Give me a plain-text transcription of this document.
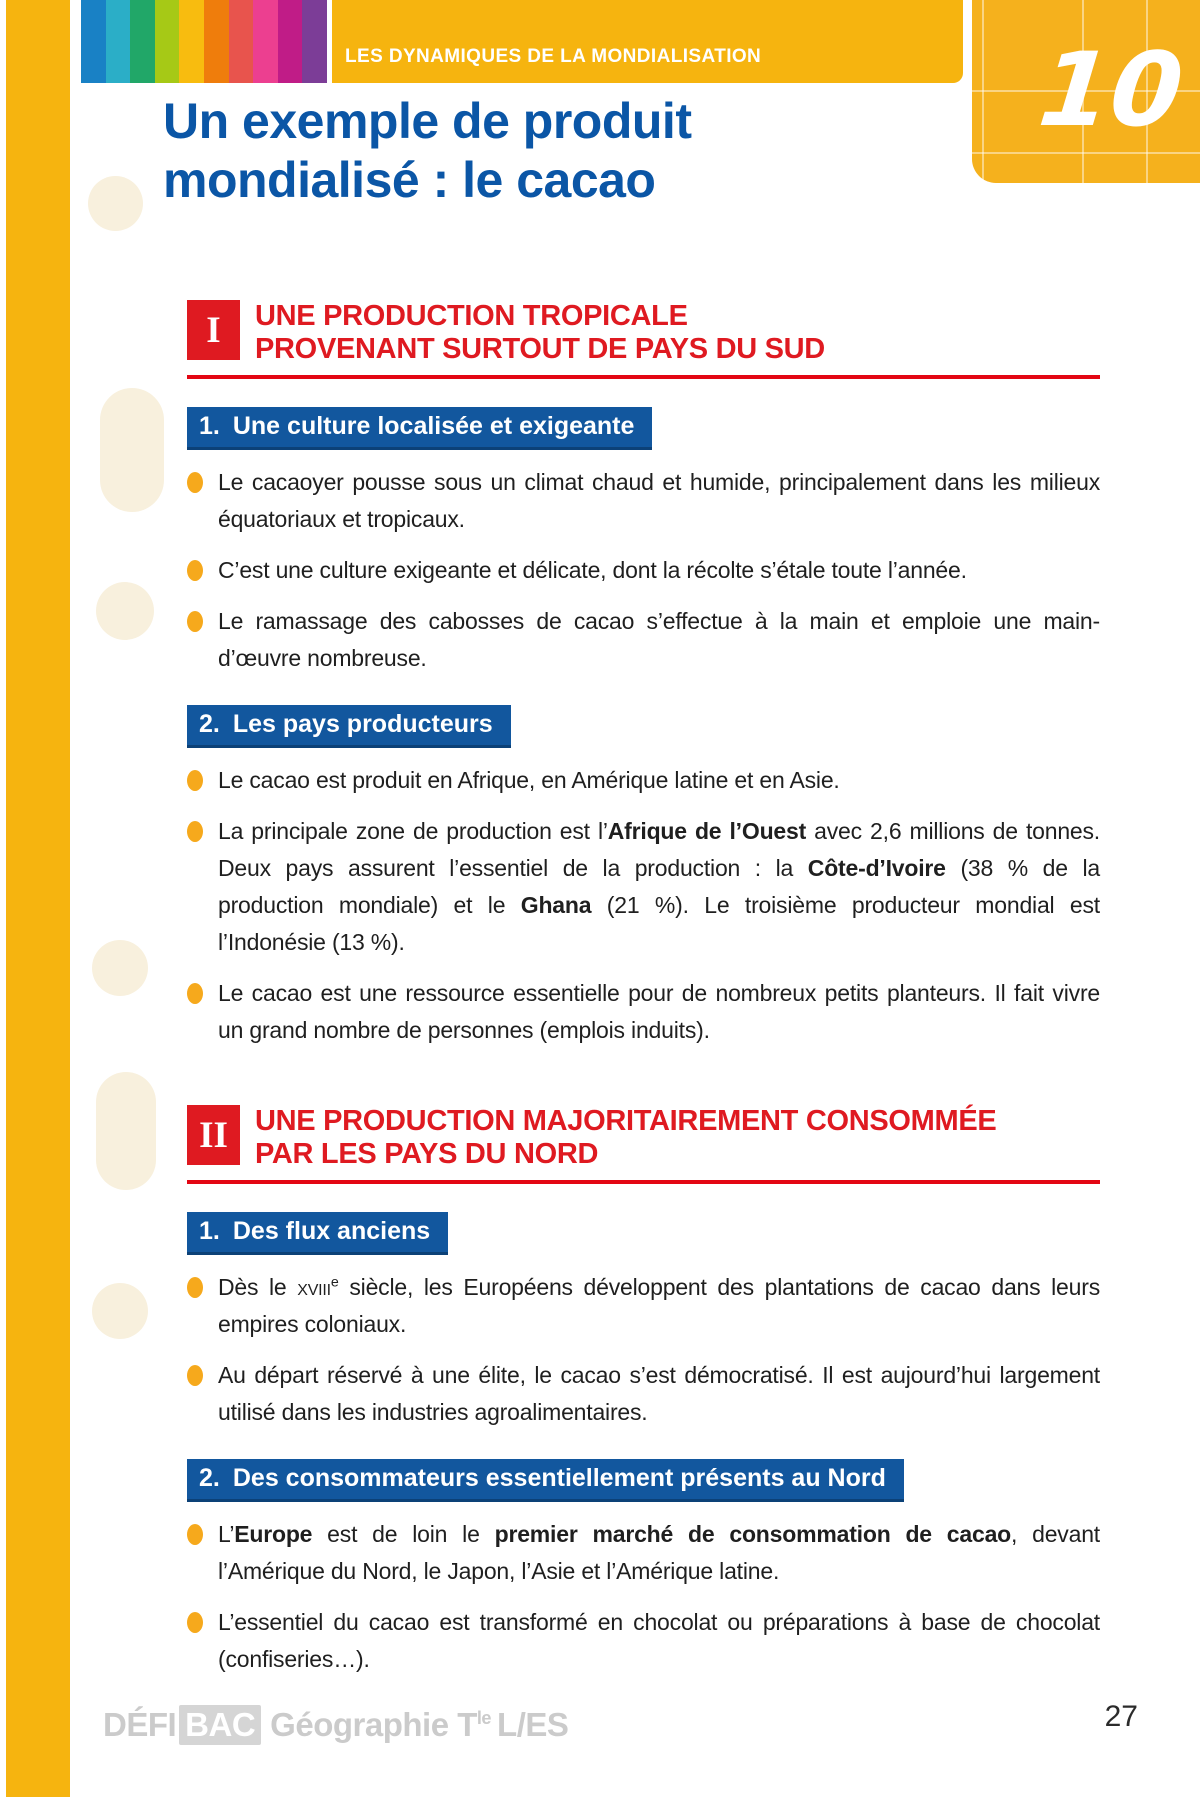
LES DYNAMIQUES DE LA MONDIALISATION	10
Un exemple de produit
mondialisé : le cacao
I	UNE PRODUCTION TROPICALE
PROVENANT SURTOUT DE PAYS DU SUD
1. Une culture localisée et exigeante

Le cacaoyer pousse sous un climat chaud et humide, principalement dans les milieux équatoriaux et tropicaux.

C’est une culture exigeante et délicate, dont la récolte s’étale toute l’année.

Le ramassage des cabosses de cacao s’effectue à la main et emploie une main-d’œuvre nombreuse.

2. Les pays producteurs

Le cacao est produit en Afrique, en Amérique latine et en Asie.

La principale zone de production est l’Afrique de l’Ouest avec 2,6 millions de tonnes. Deux pays assurent l’essentiel de la production : la Côte-d’Ivoire (38 % de la production mondiale) et le Ghana (21 %). Le troisième producteur mondial est l’Indonésie (13 %).

Le cacao est une ressource essentielle pour de nombreux petits planteurs. Il fait vivre un grand nombre de personnes (emplois induits).

II UNE PRODUCTION MAJORITAIREMENT CONSOMMÉE
PAR LES PAYS DU NORD
1. Des flux anciens

Dès le xviii$^e$ siècle, les Européens développent des plantations de cacao dans leurs empires coloniaux.

Au départ réservé à une élite, le cacao s’est démocratisé. Il est aujourd’hui largement utilisé dans les industries agroalimentaires.

2. Des consommateurs essentiellement présents au Nord

L’Europe est de loin le premier marché de consommation de cacao, devant l’Amérique du Nord, le Japon, l’Asie et l’Amérique latine.

L’essentiel du cacao est transformé en chocolat ou préparations à base de chocolat (confiseries…).

DÉFI BAC Géographie $T^{le}$ L/ES	27
